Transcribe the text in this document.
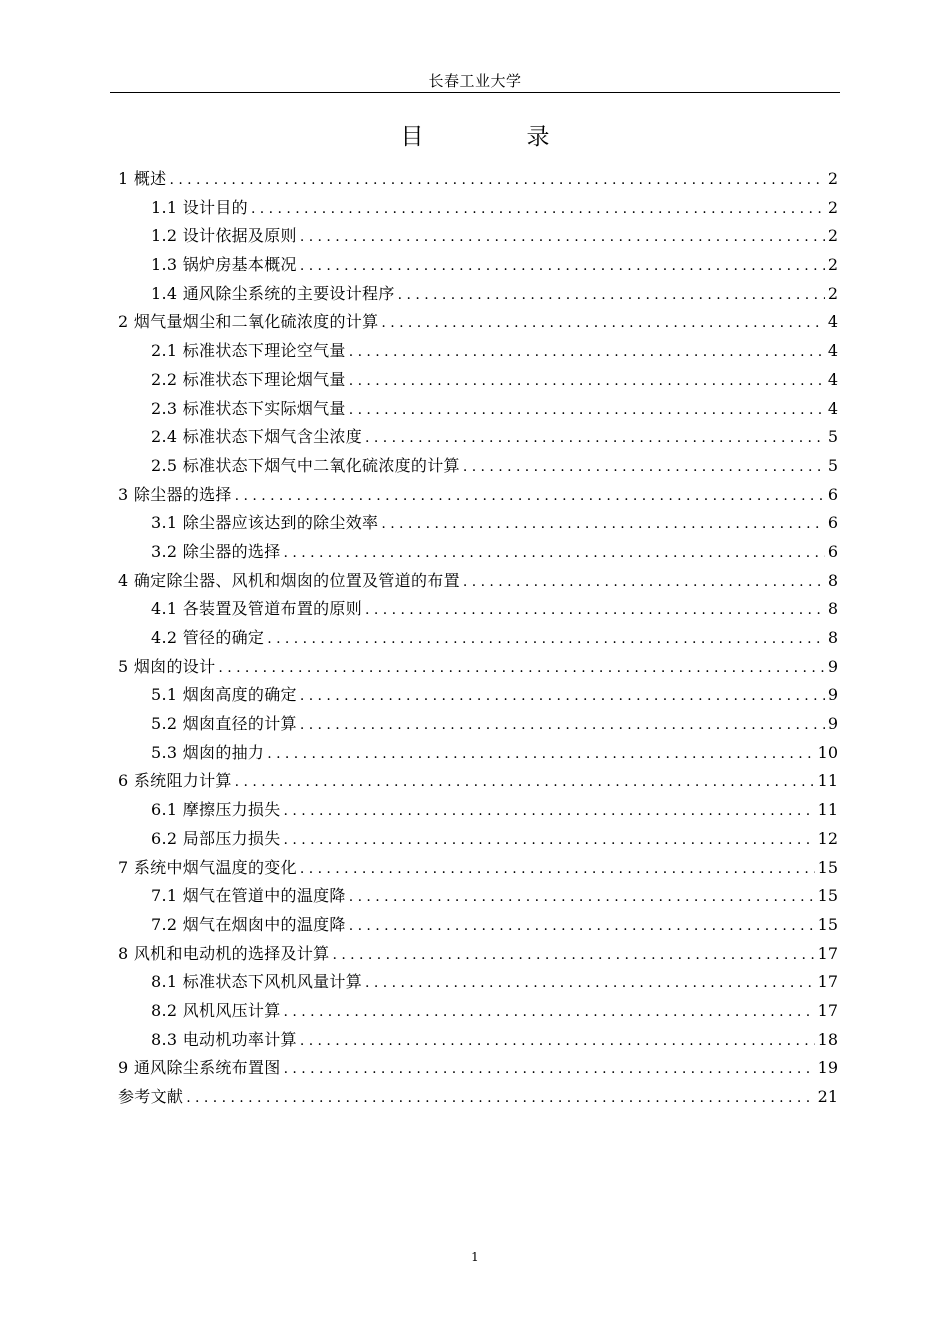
长春工业大学
目　录
1 概述 .....	2
1.1 设计目的 .....	2
1.2 设计依据及原则 .....	2
1.3 锅炉房基本概况 .....	2
1.4 通风除尘系统的主要设计程序 .....	2
2 烟气量烟尘和二氧化硫浓度的计算 .....	4
2.1 标准状态下理论空气量 .....	4
2.2 标准状态下理论烟气量 .....	4
2.3 标准状态下实际烟气量 .....	4
2.4 标准状态下烟气含尘浓度 .....	5
2.5 标准状态下烟气中二氧化硫浓度的计算 .....	5
3 除尘器的选择 .....	6
3.1 除尘器应该达到的除尘效率 .....	6
3.2 除尘器的选择 .....	6
4 确定除尘器、风机和烟囱的位置及管道的布置 .....	8
4.1 各装置及管道布置的原则 .....	8
4.2 管径的确定 .....	8
5 烟囱的设计 .....	9
5.1 烟囱高度的确定 .....	9
5.2 烟囱直径的计算 .....	9
5.3 烟囱的抽力 .....	10
6 系统阻力计算 .....	11
6.1 摩擦压力损失 .....	11
6.2 局部压力损失 .....	12
7 系统中烟气温度的变化 .....	15
7.1 烟气在管道中的温度降 .....	15
7.2 烟气在烟囱中的温度降 .....	15
8 风机和电动机的选择及计算 .....	17
8.1 标准状态下风机风量计算 .....	17
8.2 风机风压计算 .....	17
8.3 电动机功率计算 .....	18
9 通风除尘系统布置图 .....	19
参考文献 .....	21
1
